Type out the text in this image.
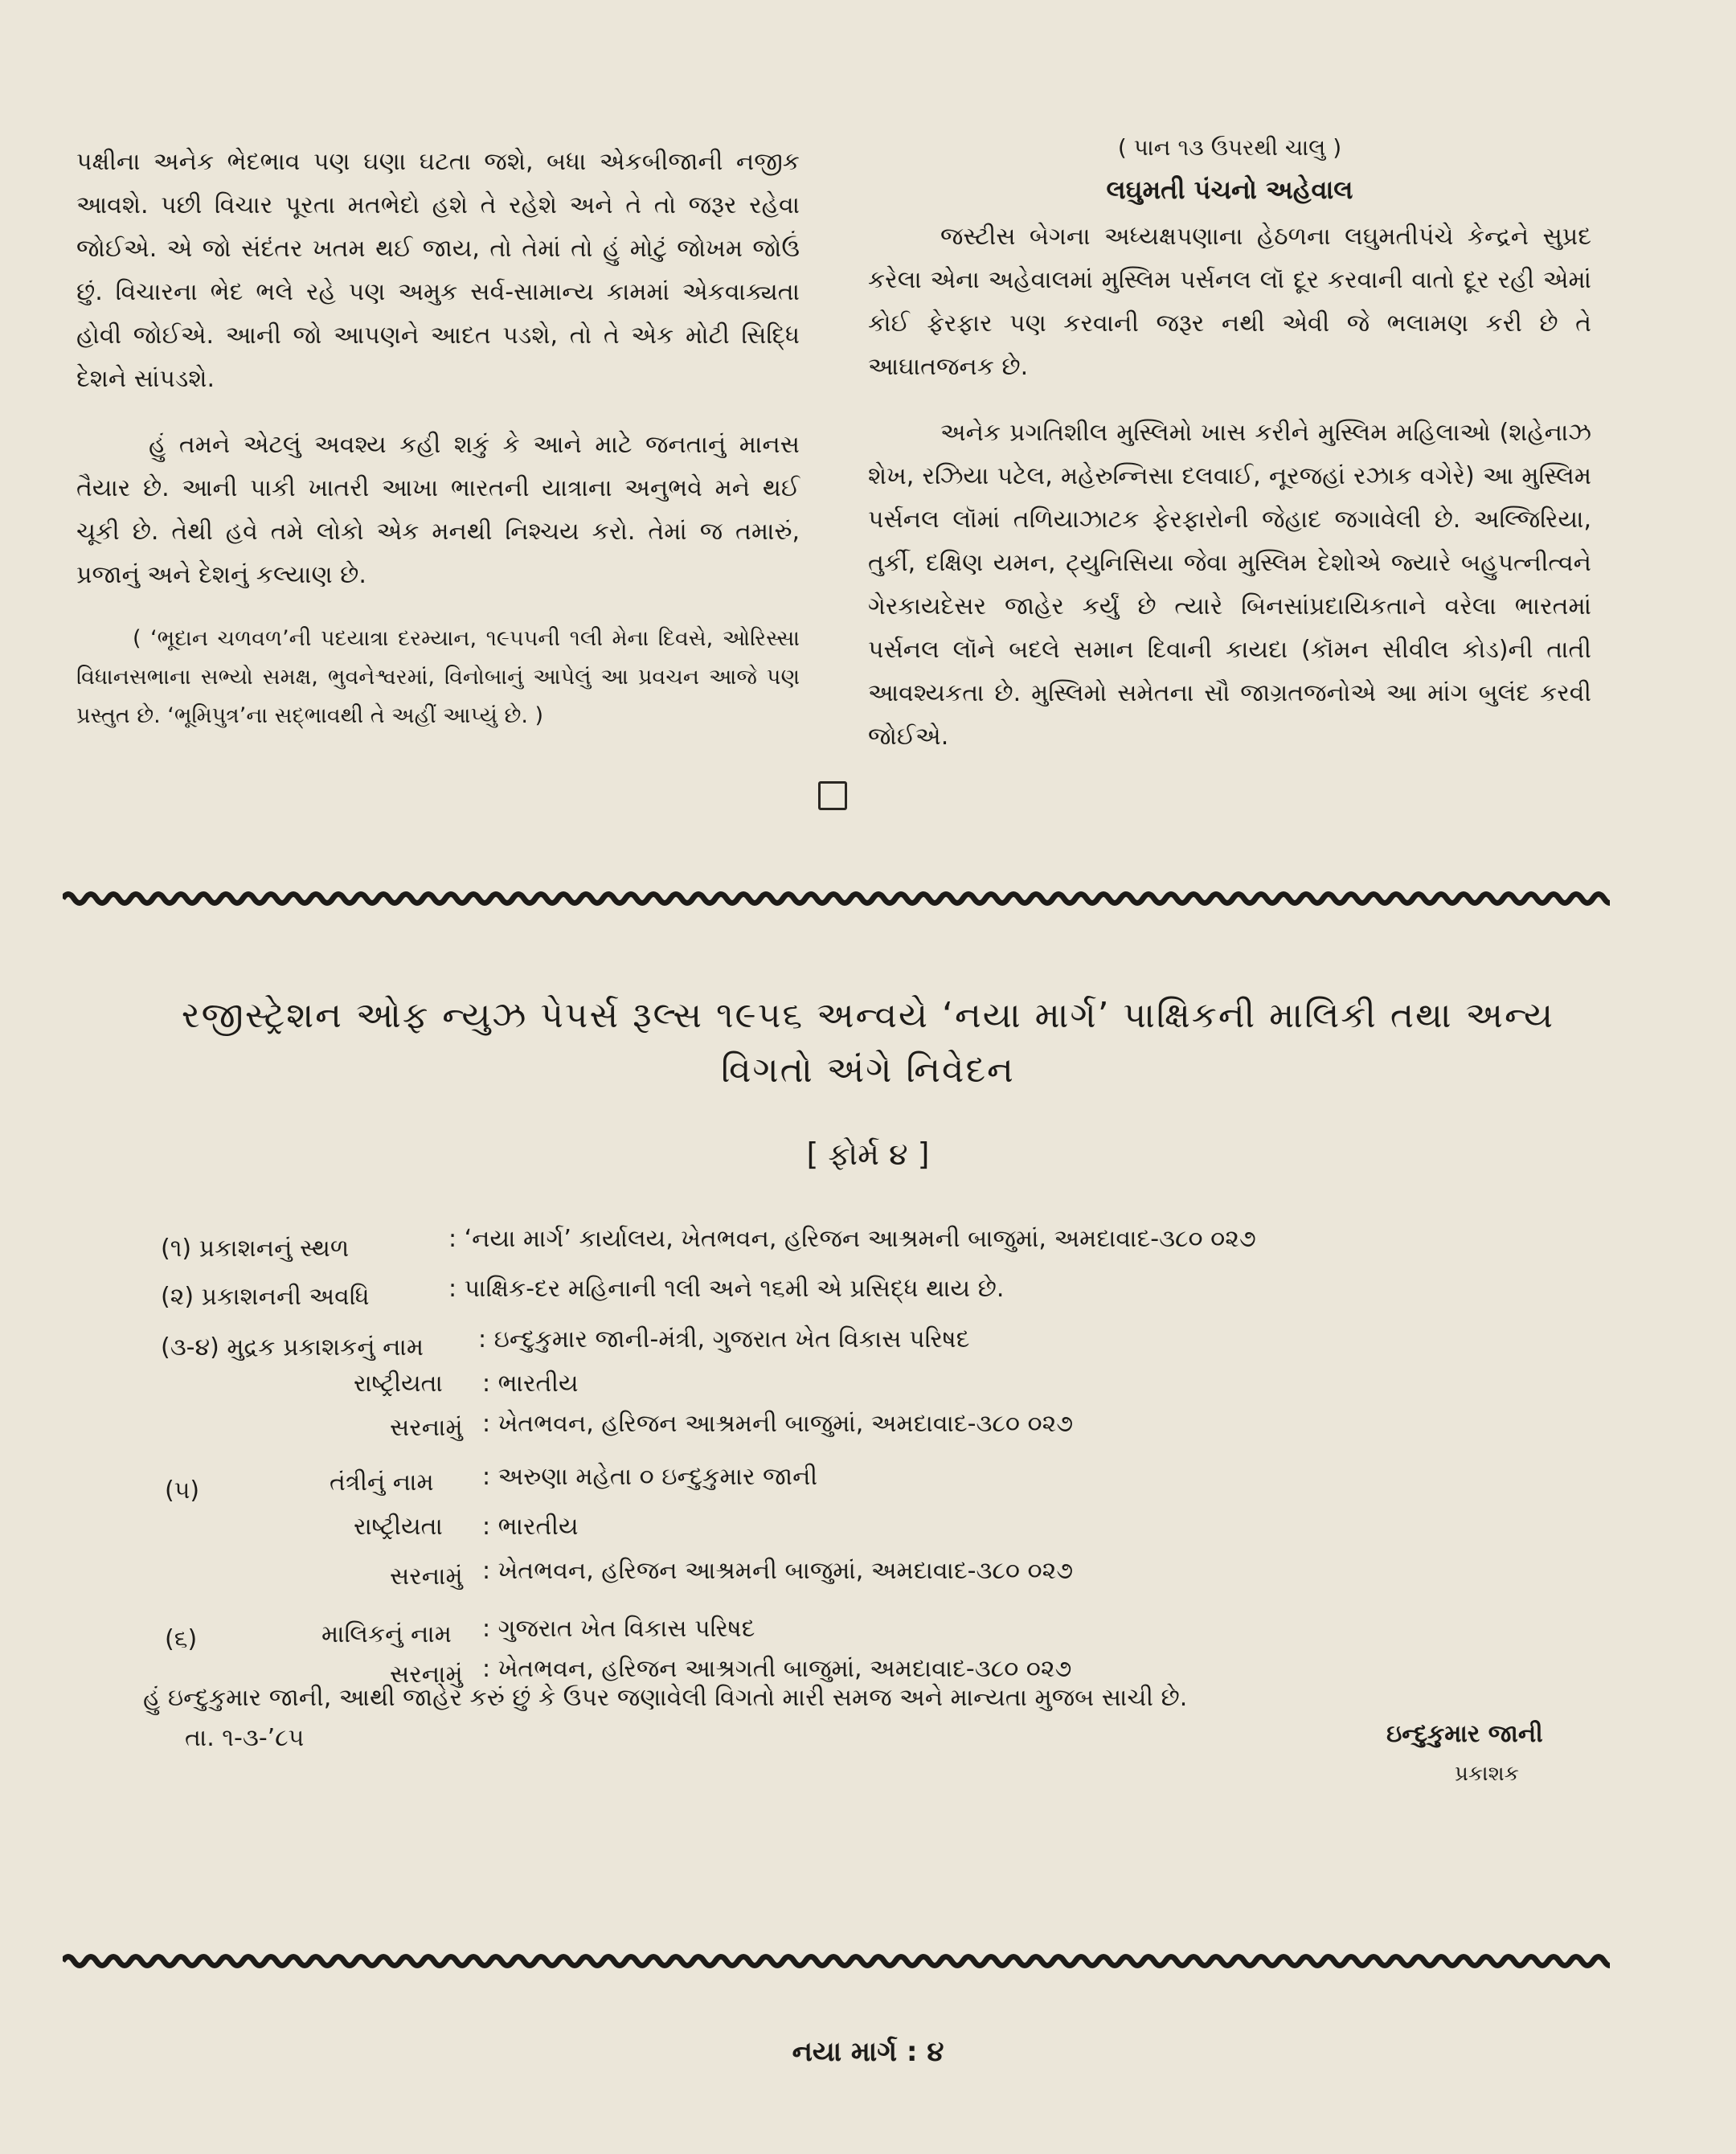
પક્ષીના અનેક ભેદભાવ પણ ઘણા ઘટતા જશે, બધા એકબીજાની નજીક આવશે. પછી વિચાર પૂરતા મતભેદો હશે તે રહેશે અને તે તો જરૂર રહેવા જોઈએ. એ જો સંદંતર ખતમ થઈ જાય, તો તેમાં તો હું મોટું જોખમ જોઉં છું. વિચારના ભેદ ભલે રહે પણ અમુક સર્વ-સામાન્ય કામમાં એકવાક્યતા હોવી જોઈએ. આની જો આપણને આદત પડશે, તો તે એક મોટી સિદ્ધિ દેશને સાંપડશે.

હું તમને એટલું અવશ્ય કહી શકું કે આને માટે જનતાનું માનસ તૈયાર છે. આની પાકી ખાતરી આખા ભારતની યાત્રાના અનુભવે મને થઈ ચૂકી છે. તેથી હવે તમે લોકો એક મનથી નિશ્ચય કરો. તેમાં જ તમારું, પ્રજાનું અને દેશનું કલ્યાણ છે.

( ‘ભૂદાન ચળવળ’ની પદયાત્રા દરમ્યાન, ૧૯૫૫ની ૧લી મેના દિવસે, ઓરિસ્સા વિધાનસભાના સભ્યો સમક્ષ, ભુવનેશ્વરમાં, વિનોબાનું આપેલું આ પ્રવચન આજે પણ પ્રસ્તુત છે. ‘ભૂમિપુત્ર’ના સદ્ભાવથી તે અહીં આપ્યું છે. )

( પાન ૧૩ ઉપરથી ચાલુ )

લઘુમતી પંચનો અહેવાલ

જસ્ટીસ બેગના અધ્યક્ષપણાના હેઠળના લઘુમતીપંચે કેન્દ્રને સુપ્રદ કરેલા એના અહેવાલમાં મુસ્લિમ પર્સનલ લૉ દૂર કરવાની વાતો દૂર રહી એમાં કોઈ ફેરફાર પણ કરવાની જરૂર નથી એવી જે ભલામણ કરી છે તે આઘાતજનક છે.

અનેક પ્રગતિશીલ મુસ્લિમો ખાસ કરીને મુસ્લિમ મહિલાઓ (શહેનાઝ શેખ, રઝિયા પટેલ, મહેરુન્નિસા દલવાઈ, નૂરજહાં રઝાક વગેરે) આ મુસ્લિમ પર્સનલ લૉમાં તળિયાઝાટક ફેરફારોની જેહાદ જગાવેલી છે. અલ્જિરિયા, તુર્કી, દક્ષિણ યમન, ટ્યુનિસિયા જેવા મુસ્લિમ દેશોએ જ્યારે બહુપત્નીત્વને ગેરકાયદેસર જાહેર કર્યું છે ત્યારે બિનસાંપ્રદાયિકતાને વરેલા ભારતમાં પર્સનલ લૉને બદલે સમાન દિવાની કાયદા (કૉમન સીવીલ કોડ)ની તાતી આવશ્યકતા છે. મુસ્લિમો સમેતના સૌ જાગ્રતજનોએ આ માંગ બુલંદ કરવી જોઈએ.

રજીસ્ટ્રેશન ઓફ ન્યુઝ પેપર્સ રૂલ્સ ૧૯૫૬ અન્વયે ‘નયા માર્ગ’ પાક્ષિકની માલિકી તથા અન્ય
વિગતો અંગે નિવેદન

[ ફોર્મ ૪ ]

(૧) પ્રકાશનનું સ્થળ	: ‘નયા માર્ગ’ કાર્યાલય, ખેતભવન, હરિજન આશ્રમની બાજુમાં, અમદાવાદ-૩૮૦ ૦૨૭
(૨) પ્રકાશનની અવધિ	: પાક્ષિક-દર મહિનાની ૧લી અને ૧૬મી એ પ્રસિદ્ધ થાય છે.
(૩-૪) મુદ્રક પ્રકાશકનું નામ : ઇન્દુકુમાર જાની-મંત્રી, ગુજરાત ખેત વિકાસ પરિષદ
રાષ્ટ્રીયતા : ભારતીય
સરનામું : ખેતભવન, હરિજન આશ્રમની બાજુમાં, અમદાવાદ-૩૮૦ ૦૨૭
(૫)	તંત્રીનું નામ : અરુણા મહેતા ૦ ઇન્દુકુમાર જાની
રાષ્ટ્રીયતા : ભારતીય
સરનામું : ખેતભવન, હરિજન આશ્રમની બાજુમાં, અમદાવાદ-૩૮૦ ૦૨૭
(૬)	માલિકનું નામ : ગુજરાત ખેત વિકાસ પરિષદ
સરનામું : ખેતભવન, હરિજન આશ્રગતી બાજુમાં, અમદાવાદ-૩૮૦ ૦૨૭
હું ઇન્દુકુમાર જાની, આથી જાહેર કરું છું કે ઉપર જણાવેલી વિગતો મારી સમજ અને માન્યતા મુજબ સાચી છે.
તા. ૧-૩-’૮૫	ઇન્દુકુમાર જાની
પ્રકાશક
નયા માર્ગ : ૪
